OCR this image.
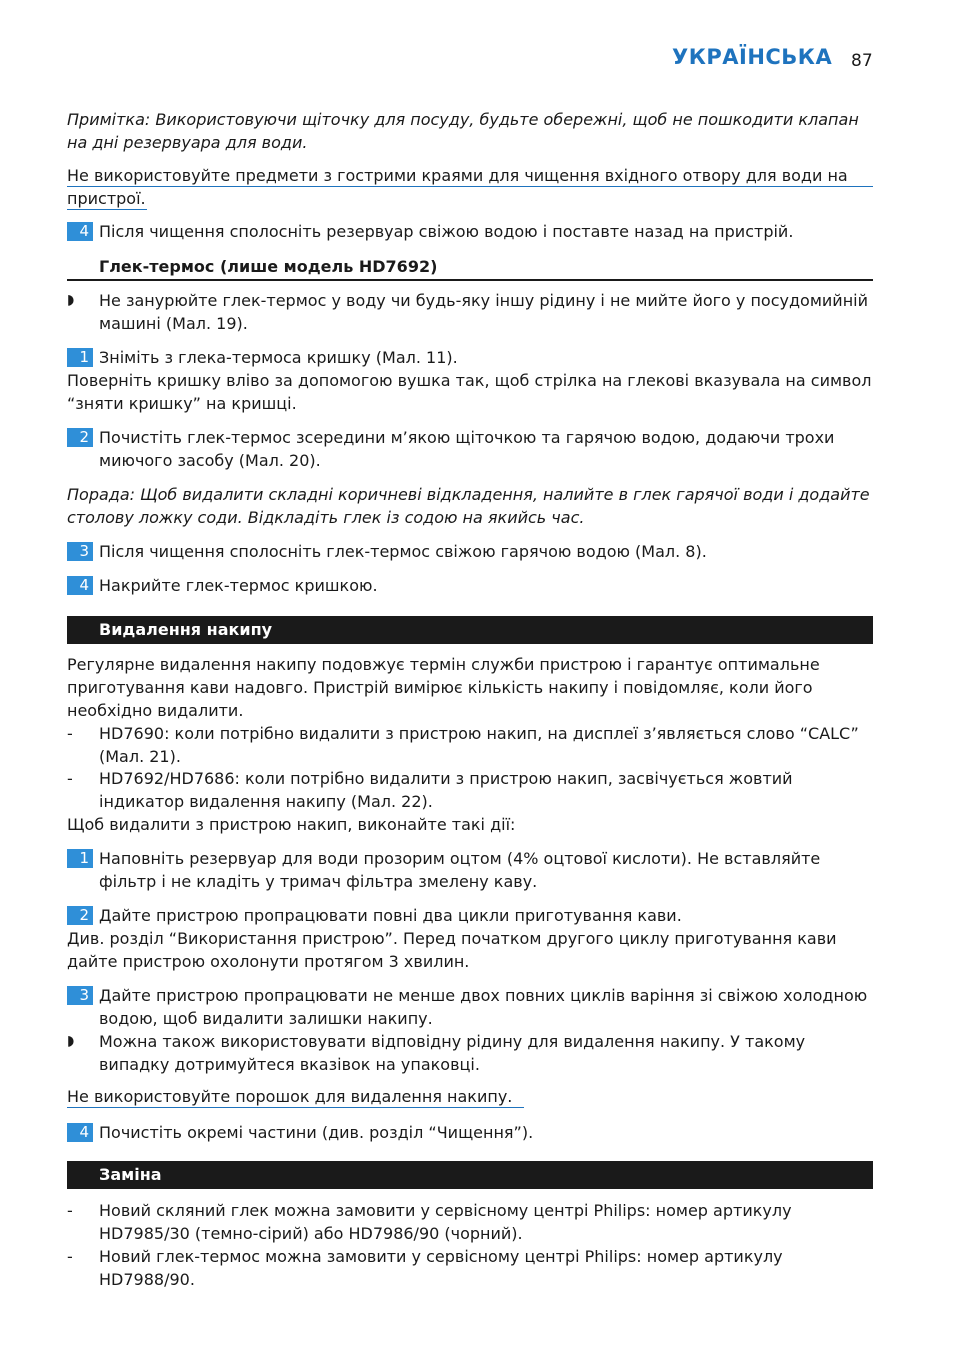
УКРАЇНСЬКА 87
Примітка: Використовуючи щіточку для посуду, будьте обережні, щоб не пошкодити клапан на дні резервуара для води.
Не використовуйте предмети з гострими краями для чищення вхідного отвору для води на пристрої.
4 Після чищення сполосніть резервуар свіжою водою і поставте назад на пристрій.
Глек-термос (лише модель HD7692)
◗ Не занурюйте глек-термос у воду чи будь-яку іншу рідину і не мийте його у посудомийній машині (Мал. 19).
1 Зніміть з глека-термоса кришку (Мал. 11).
Поверніть кришку вліво за допомогою вушка так, щоб стрілка на глекові вказувала на символ “зняти кришку” на кришці.
2 Почистіть глек-термос зсередини м’якою щіточкою та гарячою водою, додаючи трохи миючого засобу (Мал. 20).
Порада: Щоб видалити складні коричневі відкладення, налийте в глек гарячої води і додайте столову ложку соди. Відкладіть глек із содою на якийсь час.
3 Після чищення сполосніть глек-термос свіжою гарячою водою (Мал. 8).
4 Накрийте глек-термос кришкою.
Видалення накипу
Регулярне видалення накипу подовжує термін служби пристрою і гарантує оптимальне приготування кави надовго. Пристрій вимірює кількість накипу і повідомляє, коли його необхідно видалити.
- HD7690: коли потрібно видалити з пристрою накип, на дисплеї з’являється слово “CALC” (Мал. 21).
- HD7692/HD7686: коли потрібно видалити з пристрою накип, засвічується жовтий індикатор видалення накипу (Мал. 22).
Щоб видалити з пристрою накип, виконайте такі дії:
1 Наповніть резервуар для води прозорим оцтом (4% оцтової кислоти). Не вставляйте фільтр і не кладіть у тримач фільтра змелену каву.
2 Дайте пристрою пропрацювати повні два цикли приготування кави.
Див. розділ “Використання пристрою”. Перед початком другого циклу приготування кави дайте пристрою охолонути протягом 3 хвилин.
3 Дайте пристрою пропрацювати не менше двох повних циклів варіння зі свіжою холодною водою, щоб видалити залишки накипу.
◗ Можна також використовувати відповідну рідину для видалення накипу. У такому випадку дотримуйтеся вказівок на упаковці.
Не використовуйте порошок для видалення накипу.
4 Почистіть окремі частини (див. розділ “Чищення”).
Заміна
- Новий скляний глек можна замовити у сервісному центрі Philips: номер артикулу HD7985/30 (темно-сірий) або HD7986/90 (чорний).
- Новий глек-термос можна замовити у сервісному центрі Philips: номер артикулу HD7988/90.
